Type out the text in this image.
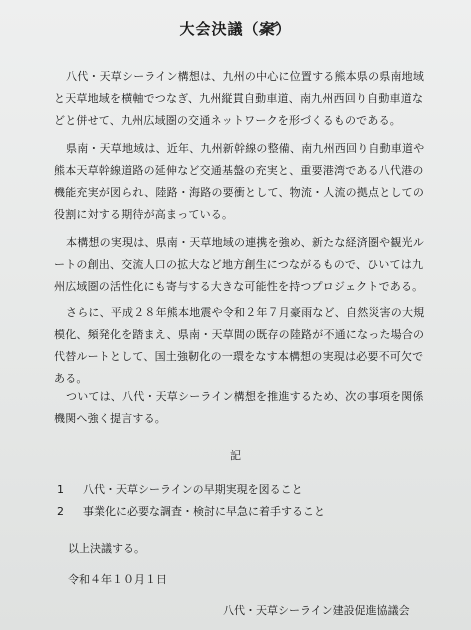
大会決議（案
）

八代・天草シーライン構想は、九州の中心に位置する熊本県の県南地域と天草地域を横軸でつなぎ、九州縦貫自動車道、南九州西回り自動車道などと併せて、九州広域圏の交通ネットワークを形づくるものである。

県南・天草地域は、近年、九州新幹線の整備、南九州西回り自動車道や熊本天草幹線道路の延伸など交通基盤の充実と、重要港湾である八代港の機能充実が図られ、陸路・海路の要衝として、物流・人流の拠点としての役割に対する期待が高まっている。

本構想の実現は、県南・天草地域の連携を強め、新たな経済圏や観光ルートの創出、交流人口の拡大など地方創生につながるもので、ひいては九州広域圏の活性化にも寄与する大きな可能性を持つプロジェクトである。

さらに、平成２８年熊本地震や令和２年７月豪雨など、自然災害の大規模化、頻発化を踏まえ、県南・天草間の既存の陸路が不通になった場合の代替ルートとして、国土強靭化の一環をなす本構想の実現は必要不可欠である。

ついては、八代・天草シーライン構想を推進するため、次の事項を関係機関へ強く提言する。

記
1 八代・天草シーラインの早期実現を図ること
2 事業化に必要な調査・検討に早急に着手すること
以上決議する。
令和４年１０月１日
八代・天草シーライン建設促進協議会
